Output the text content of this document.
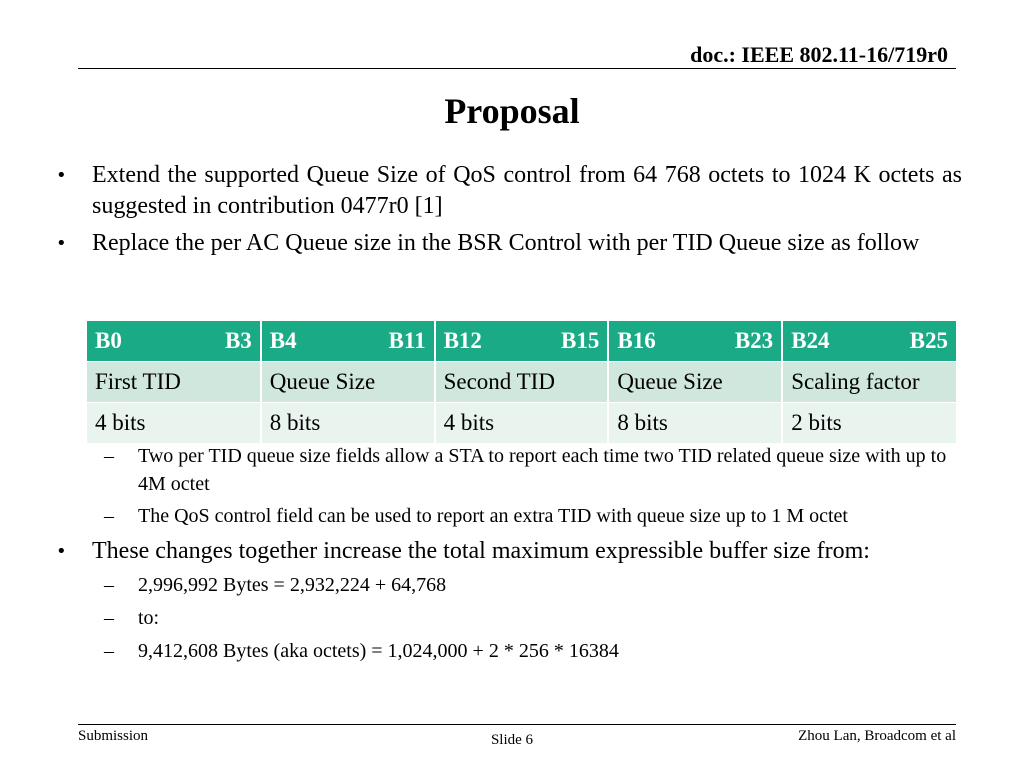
doc.: IEEE 802.11-16/719r0
Proposal
• Extend the supported Queue Size of QoS control from 64 768 octets to 1024 K octets as suggested in contribution 0477r0 [1]
• Replace the per AC Queue size in the BSR Control with per TID Queue size as follow
B0 B3	B4 B11	B12 B15	B16 B23	B24 B25

First TID	Queue Size	Second TID	Queue Size	Scaling factor
4 bits	8 bits	4 bits	8 bits	2 bits
– Two per TID queue size fields allow a STA to report each time two TID related queue size with up to 4M octet
– The QoS control field can be used to report an extra TID with queue size up to 1 M octet
• These changes together increase the total maximum expressible buffer size from:
– 2,996,992 Bytes = 2,932,224 + 64,768
– to:
– 9,412,608 Bytes (aka octets) = 1,024,000 + 2 * 256 * 16384
Submission	Slide 6	Zhou Lan, Broadcom et al
